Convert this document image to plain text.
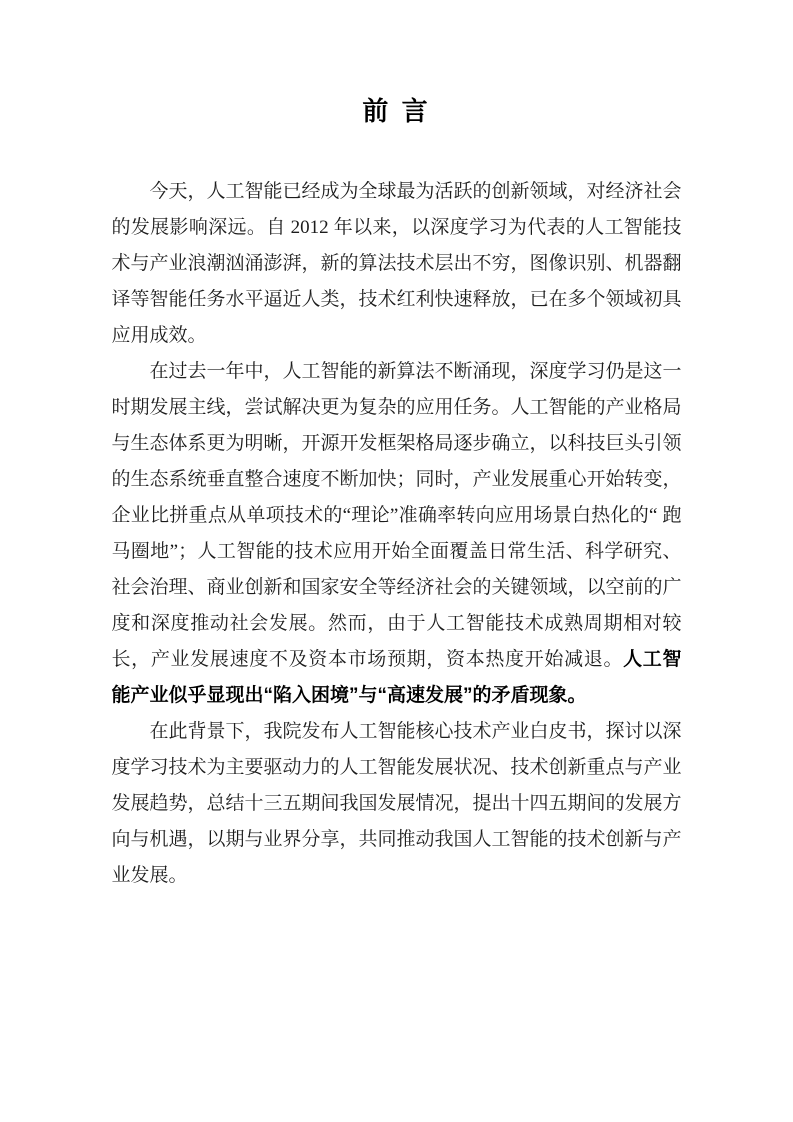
前 言

今天，人工智能已经成为全球最为活跃的创新领域，对经济社会的发展影响深远。自 2012 年以来，以深度学习为代表的人工智能技术与产业浪潮汹涌澎湃，新的算法技术层出不穷，图像识别、机器翻译等智能任务水平逼近人类，技术红利快速释放，已在多个领域初具应用成效。

在过去一年中，人工智能的新算法不断涌现，深度学习仍是这一时期发展主线，尝试解决更为复杂的应用任务。人工智能的产业格局与生态体系更为明晰，开源开发框架格局逐步确立，以科技巨头引领的生态系统垂直整合速度不断加快；同时，产业发展重心开始转变，企业比拼重点从单项技术的“理论”准确率转向应用场景白热化的“ 跑马圈地”；人工智能的技术应用开始全面覆盖日常生活、科学研究、社会治理、商业创新和国家安全等经济社会的关键领域，以空前的广度和深度推动社会发展。然而，由于人工智能技术成熟周期相对较长，产业发展速度不及资本市场预期，资本热度开始减退。人工智能产业似乎显现出“陷入困境”与“高速发展”的矛盾现象。

在此背景下，我院发布人工智能核心技术产业白皮书，探讨以深度学习技术为主要驱动力的人工智能发展状况、技术创新重点与产业发展趋势，总结十三五期间我国发展情况，提出十四五期间的发展方向与机遇，以期与业界分享，共同推动我国人工智能的技术创新与产业发展。
